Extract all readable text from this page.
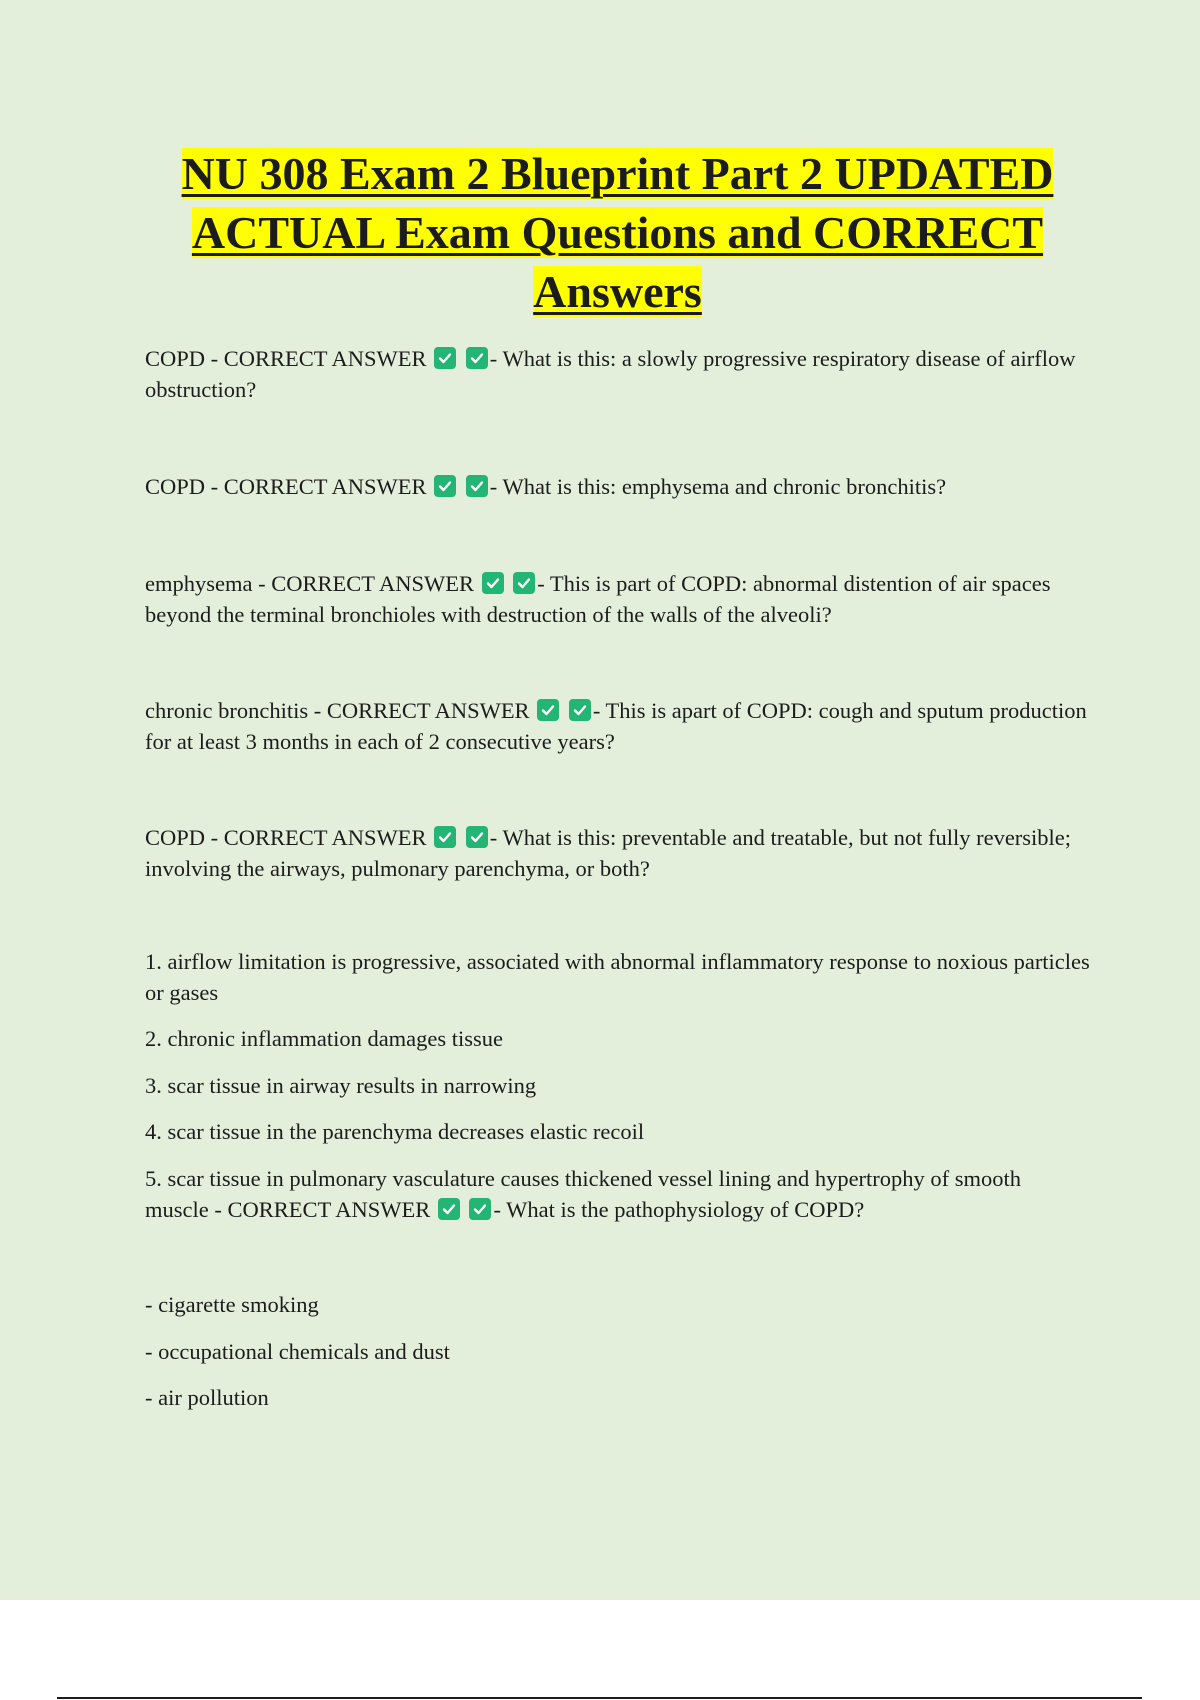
NU 308 Exam 2 Blueprint Part 2 UPDATED ACTUAL Exam Questions and CORRECT Answers

COPD - CORRECT ANSWER
	- What is this: a slowly progressive respiratory disease of airflow obstruction?

COPD - CORRECT ANSWER
	- What is this: emphysema and chronic bronchitis?

emphysema - CORRECT ANSWER
	- This is part of COPD: abnormal distention of air spaces beyond the terminal bronchioles with destruction of the walls of the alveoli?

chronic bronchitis - CORRECT ANSWER
	- This is apart of COPD: cough and sputum production for at least 3 months in each of 2 consecutive years?

COPD - CORRECT ANSWER
	- What is this: preventable and treatable, but not fully reversible; involving the airways, pulmonary parenchyma, or both?

1. airflow limitation is progressive, associated with abnormal inflammatory response to noxious particles or gases

2. chronic inflammation damages tissue

3. scar tissue in airway results in narrowing

4. scar tissue in the parenchyma decreases elastic recoil

5. scar tissue in pulmonary vasculature causes thickened vessel lining and hypertrophy of smooth muscle - CORRECT ANSWER
	- What is the pathophysiology of COPD?

- cigarette smoking

- occupational chemicals and dust

- air pollution
